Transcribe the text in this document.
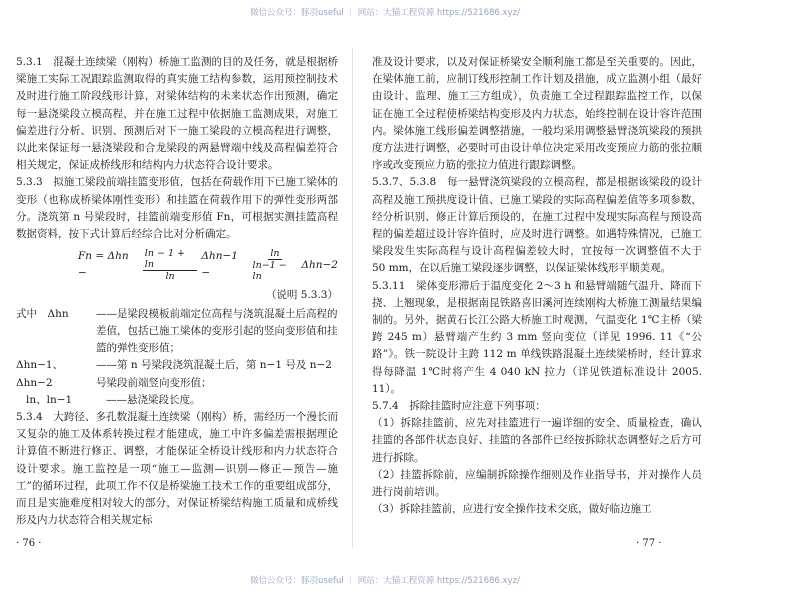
微信公众号：豚羽useful ｜ 网站：大猫工程资源 https://521686.xyz/

5.3.1　混凝土连续梁（刚构）桥施工监测的目的及任务，就是根据桥梁施工实际工况跟踪监测取得的真实施工结构参数，运用预控制技术及时进行施工阶段线形计算，对梁体结构的未来状态作出预测，确定每一悬浇梁段立模高程，并在施工过程中依据施工监测成果，对施工偏差进行分析、识别、预测后对下一施工梁段的立模高程进行调整，以此来保证每一悬浇梁段和合龙梁段的两悬臂端中线及高程偏差符合相关规定，保证成桥线形和结构内力状态符合设计要求。

5.3.3　拟施工梁段前端挂篮变形值，包括在荷载作用下已施工梁体的变形（也称成桥梁体刚性变形）和挂篮在荷载作用下的弹性变形两部分。浇筑第 n 号梁段时，挂篮前端变形值 Fn，可根据实测挂篮高程数据资料，按下式计算后经综合比对分析确定。

Fn = Δhn −	$\frac{\ln - 1 + \ln}{\ln} \Delta hn-1$ −	$\frac{\ln}{\ln-1 - \ln} \Delta hn-2$
（说明 5.3.3）
式中　Δhn	——是梁段模板前端定位高程与浇筑混凝土后高程的差值，包括已施工梁体的变形引起的竖向变形值和挂篮的弹性变形值；
Δhn−1、Δhn−2
——第 n 号梁段浇筑混凝土后，第 n−1 号及 n−2 号梁段前端竖向变形值；
ln、ln−1	——悬浇梁段长度。

5.3.4　大跨径、多孔数混凝土连续梁（刚构）桥，需经历一个漫长而又复杂的施工及体系转换过程才能建成，施工中许多偏差需根据理论计算值不断进行修正、调整，才能保证全桥设计线形和内力状态符合设计要求。施工监控是一项“施工—监测—识别—修正—预告—施工”的循环过程，此项工作不仅是桥梁施工技术工作的重要组成部分，而且是实施难度相对较大的部分，对保证桥梁结构施工质量和成桥线形及内力状态符合相关规定标

· 76 ·

准及设计要求，以及对保证桥梁安全顺利施工都是至关重要的。因此，在梁体施工前，应制订线形控制工作计划及措施，成立监测小组（最好由设计、监理、施工三方组成），负责施工全过程跟踪监控工作，以保证在施工全过程使桥梁结构变形及内力状态，始终控制在设计容许范围内。梁体施工线形偏差调整措施，一般均采用调整悬臂浇筑梁段的预拱度方法进行调整，必要时可由设计单位决定采用改变预应力筋的张拉顺序或改变预应力筋的张拉力值进行跟踪调整。

5.3.7、5.3.8　每一悬臂浇筑梁段的立模高程，都是根据该梁段的设计高程及施工预拱度设计值、已施工梁段的实际高程偏差值等多项参数，经分析识别、修正计算后预设的，在施工过程中发现实际高程与预设高程的偏差超过设计容许值时，应及时进行调整。如遇特殊情况，已施工梁段发生实际高程与设计高程偏差较大时，宜按每一次调整值不大于 50 mm，在以后施工梁段逐步调整，以保证梁体线形平顺美观。

5.3.11　梁体变形滞后于温度变化 2～3 h 和悬臂端随气温升、降而下挠、上翘现象，是根据南昆铁路喜旧溪河连续刚构大桥施工测量结果编制的。另外，据黄石长江公路大桥施工时观测，气温变化 1℃主桥（梁跨 245 m）悬臂端产生约 3 mm 竖向变位（详见 1996. 11《“公路”》。铁一院设计主跨 112 m 单线铁路混凝土连续梁桥时，经计算求得每降温 1℃时将产生 4 040 kN 拉力（详见铁道标准设计 2005. 11）。

5.7.4　拆除挂篮时应注意下列事项：

（1）拆除挂篮前，应先对挂篮进行一遍详细的安全、质量检查，确认挂篮的各部件状态良好、挂篮的各部件已经按拆除状态调整好之后方可进行拆除。

（2）挂篮拆除前，应编制拆除操作细则及作业指导书，并对操作人员进行岗前培训。

（3）拆除挂篮前，应进行安全操作技术交底，做好临边施工

· 77 ·
微信公众号：豚羽useful ｜ 网站：大猫工程资源 https://521686.xyz/
